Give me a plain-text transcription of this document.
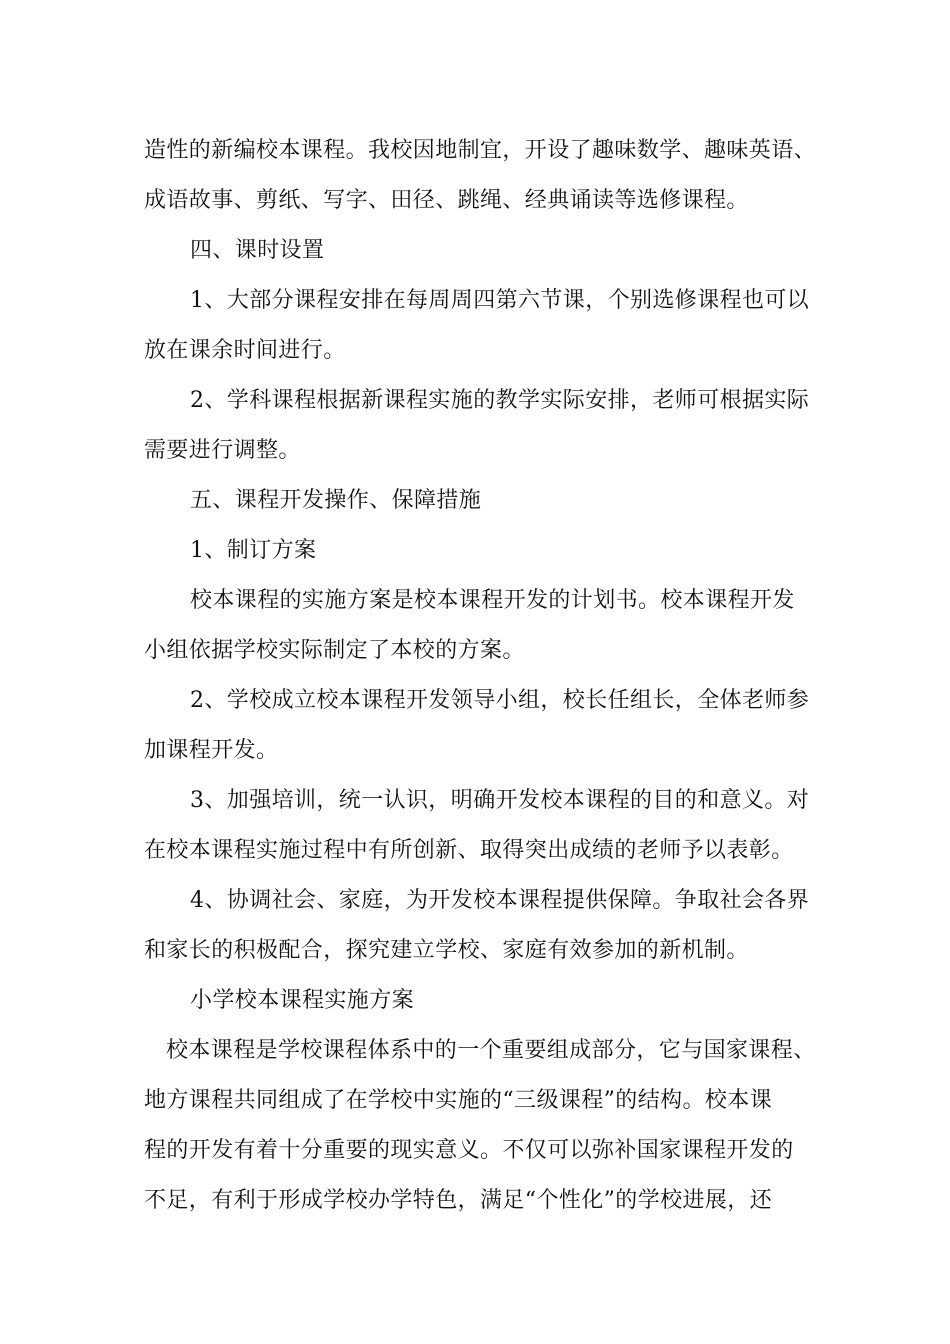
造性的新编校本课程。我校因地制宜，开设了趣味数学、趣味英语、
成语故事、剪纸、写字、田径、跳绳、经典诵读等选修课程。
四、课时设置
1、大部分课程安排在每周周四第六节课，个别选修课程也可以
放在课余时间进行。
2、学科课程根据新课程实施的教学实际安排，老师可根据实际
需要进行调整。
五、课程开发操作、保障措施
1、制订方案
校本课程的实施方案是校本课程开发的计划书。校本课程开发
小组依据学校实际制定了本校的方案。
2、学校成立校本课程开发领导小组，校长任组长，全体老师参
加课程开发。
3、加强培训，统一认识，明确开发校本课程的目的和意义。对
在校本课程实施过程中有所创新、取得突出成绩的老师予以表彰。
4、协调社会、家庭，为开发校本课程提供保障。争取社会各界
和家长的积极配合，探究建立学校、家庭有效参加的新机制。
小学校本课程实施方案
校本课程是学校课程体系中的一个重要组成部分，它与国家课程、
地方课程共同组成了在学校中实施的“三级课程”的结构。校本课
程的开发有着十分重要的现实意义。不仅可以弥补国家课程开发的
不足，有利于形成学校办学特色，满足“个性化”的学校进展，还
